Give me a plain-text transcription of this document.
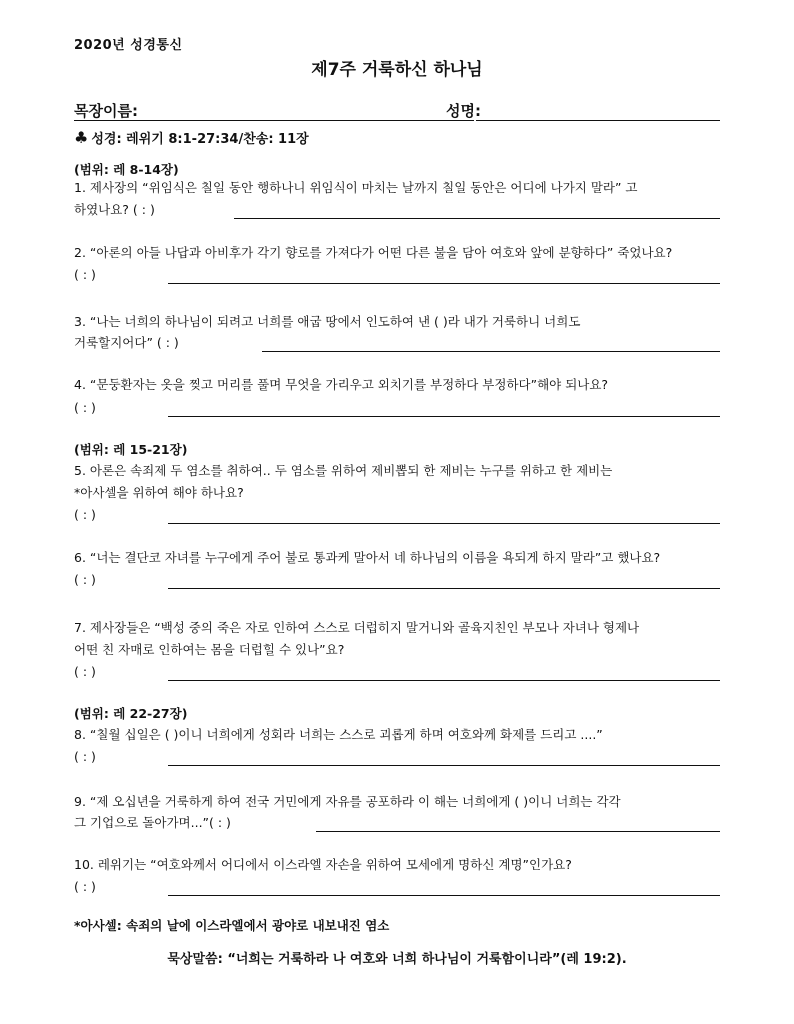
2020년 성경통신
제7주 거룩하신 하나님
목장이름:	성명:
♣ 성경: 레위기 8:1-27:34/찬송: 11장
(범위: 레 8-14장)
1. 제사장의 “위임식은 칠일 동안 행하나니 위임식이 마치는 날까지 칠일 동안은 어디에 나가지 말라” 고
하였나요? ( : )
2. “아론의 아들 나답과 아비후가 각기 향로를 가져다가 어떤 다른 불을 담아 여호와 앞에 분향하다” 죽었나요?
( : )
3. “나는 너희의 하나님이 되려고 너희를 애굽 땅에서 인도하여 낸 ( )라 내가 거룩하니 너희도
거룩할지어다” ( : )
4. “문둥환자는 옷을 찢고 머리를 풀며 무엇을 가리우고 외치기를 부정하다 부정하다”해야 되나요?
( : )
(범위: 레 15-21장)
5. 아론은 속죄제 두 염소를 취하여.. 두 염소를 위하여 제비뽑되 한 제비는 누구를 위하고 한 제비는
*아사셀을 위하여 해야 하나요?
( : )
6. “너는 결단코 자녀를 누구에게 주어 불로 통과케 말아서 네 하나님의 이름을 욕되게 하지 말라”고 했나요?
( : )
7. 제사장들은 “백성 중의 죽은 자로 인하여 스스로 더럽히지 말거니와 골육지친인 부모나 자녀나 형제나
어떤 친 자매로 인하여는 몸을 더럽힐 수 있나”요?
( : )
(범위: 레 22-27장)
8. “칠월 십일은 ( )이니 너희에게 성회라 너희는 스스로 괴롭게 하며 여호와께 화제를 드리고 ....”
( : )
9. “제 오십년을 거룩하게 하여 전국 거민에게 자유를 공포하라 이 해는 너희에게 ( )이니 너희는 각각
그 기업으로 돌아가며...”( : )
10. 레위기는 “여호와께서 어디에서 이스라엘 자손을 위하여 모세에게 명하신 계명”인가요?
( : )
*아사셀: 속죄의 날에 이스라엘에서 광야로 내보내진 염소
묵상말씀: “너희는 거룩하라 나 여호와 너희 하나님이 거룩함이니라”(레 19:2).
